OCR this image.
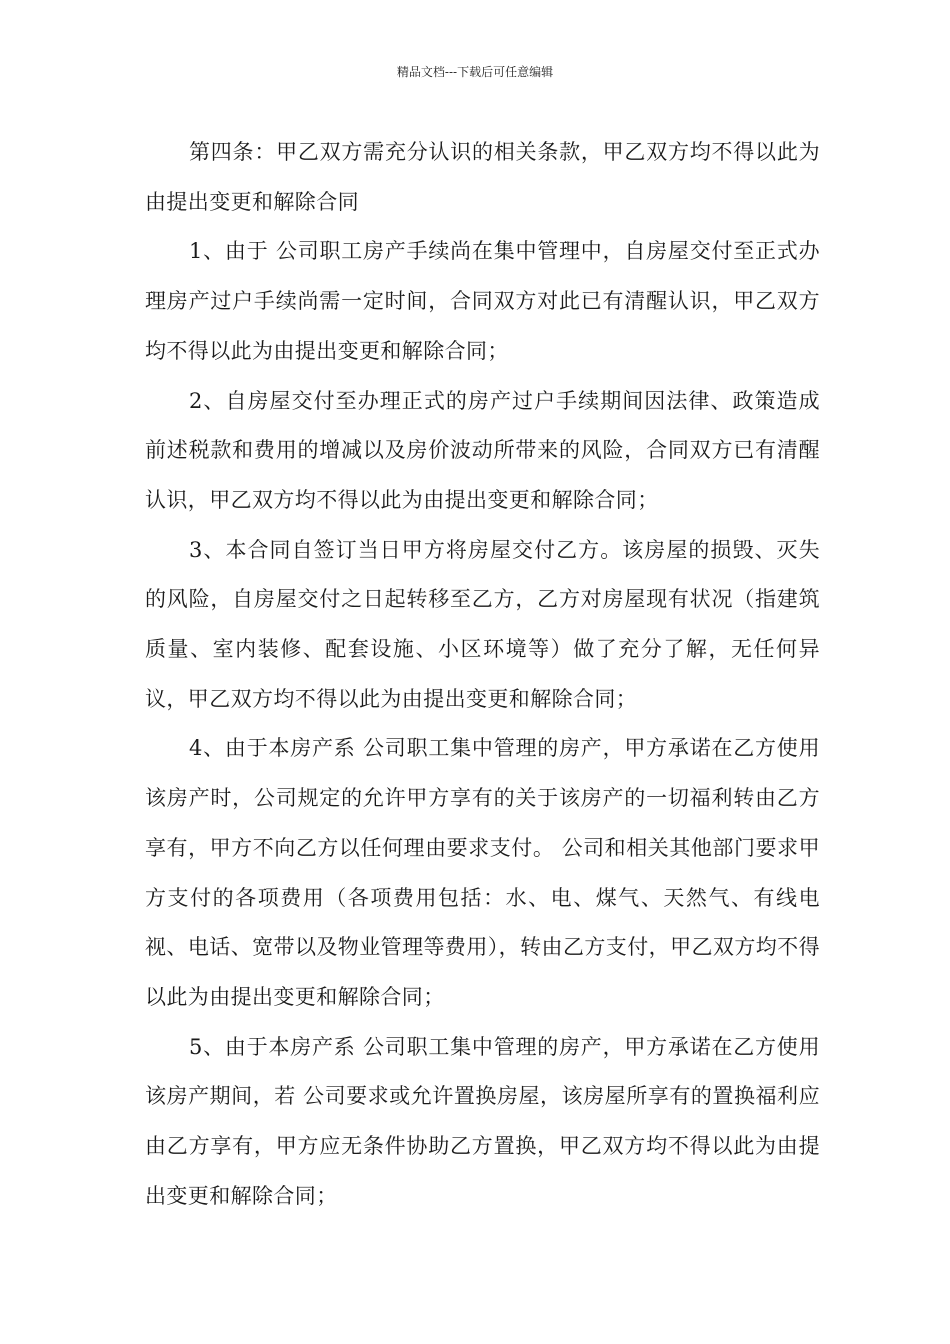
精品文档---下载后可任意编辑

第四条：甲乙双方需充分认识的相关条款，甲乙双方均不得以此为由提出变更和解除合同

1、由于 公司职工房产手续尚在集中管理中，自房屋交付至正式办理房产过户手续尚需一定时间，合同双方对此已有清醒认识，甲乙双方均不得以此为由提出变更和解除合同；

2、自房屋交付至办理正式的房产过户手续期间因法律、政策造成前述税款和费用的增减以及房价波动所带来的风险，合同双方已有清醒认识，甲乙双方均不得以此为由提出变更和解除合同；

3、本合同自签订当日甲方将房屋交付乙方。该房屋的损毁、灭失的风险，自房屋交付之日起转移至乙方，乙方对房屋现有状况（指建筑质量、室内装修、配套设施、小区环境等）做了充分了解，无任何异议，甲乙双方均不得以此为由提出变更和解除合同；

4、由于本房产系 公司职工集中管理的房产，甲方承诺在乙方使用该房产时，公司规定的允许甲方享有的关于该房产的一切福利转由乙方享有，甲方不向乙方以任何理由要求支付。 公司和相关其他部门要求甲方支付的各项费用（各项费用包括：水、电、煤气、天然气、有线电视、电话、宽带以及物业管理等费用），转由乙方支付，甲乙双方均不得以此为由提出变更和解除合同；

5、由于本房产系 公司职工集中管理的房产，甲方承诺在乙方使用该房产期间，若 公司要求或允许置换房屋，该房屋所享有的置换福利应由乙方享有，甲方应无条件协助乙方置换，甲乙双方均不得以此为由提出变更和解除合同；
